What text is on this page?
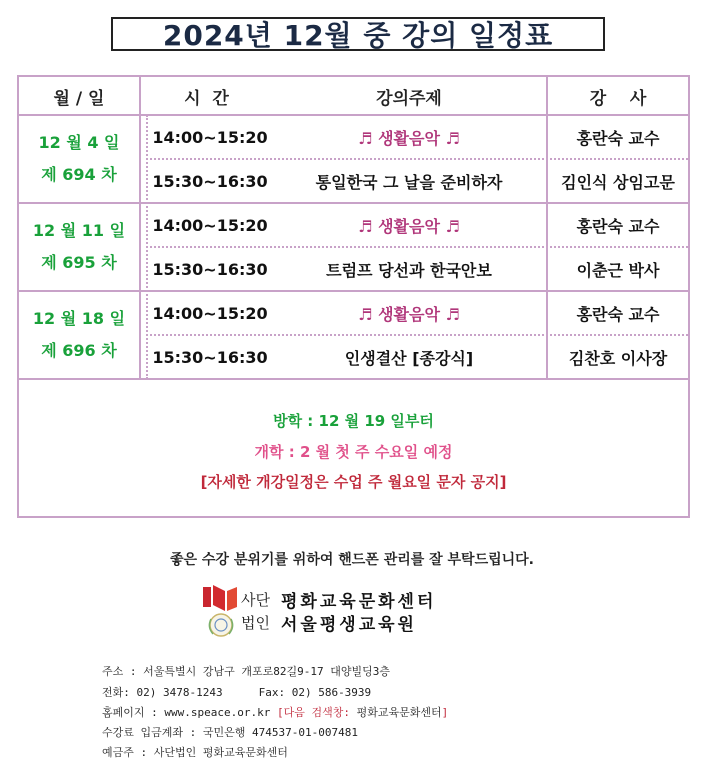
2024년 12월 중 강의 일정표
월 / 일	시  간	강의주제	강    사
12 월 4 일
제 694 차
14:00~15:20	♬ 생활음악 ♬	홍란숙 교수
15:30~16:30	통일한국 그 날을 준비하자	김인식 상임고문
12 월 11 일
제 695 차
14:00~15:20	♬ 생활음악 ♬	홍란숙 교수
15:30~16:30	트럼프 당선과 한국안보	이춘근 박사
12 월 18 일
제 696 차
14:00~15:20	♬ 생활음악 ♬	홍란숙 교수
15:30~16:30	인생결산 [종강식]	김찬호 이사장
방학 : 12 월 19 일부터
개학 : 2 월 첫 주 수요일 예정
[자세한 개강일정은 수업 주 월요일 문자 공지]
좋은 수강 분위기를 위하여 핸드폰 관리를 잘 부탁드립니다.
사단
법인
평화교육문화센터
서울평생교육원
주소 : 서울특별시 강남구 개포로82길9-17 대양빌딩3층
전화: 02) 3478-1243	Fax: 02) 586-3939
홈페이지 : www.speace.or.kr [다음 검색창: 평화교육문화센터]
수강료 입금계좌 : 국민은행 474537-01-007481
예금주 : 사단법인 평화교육문화센터
